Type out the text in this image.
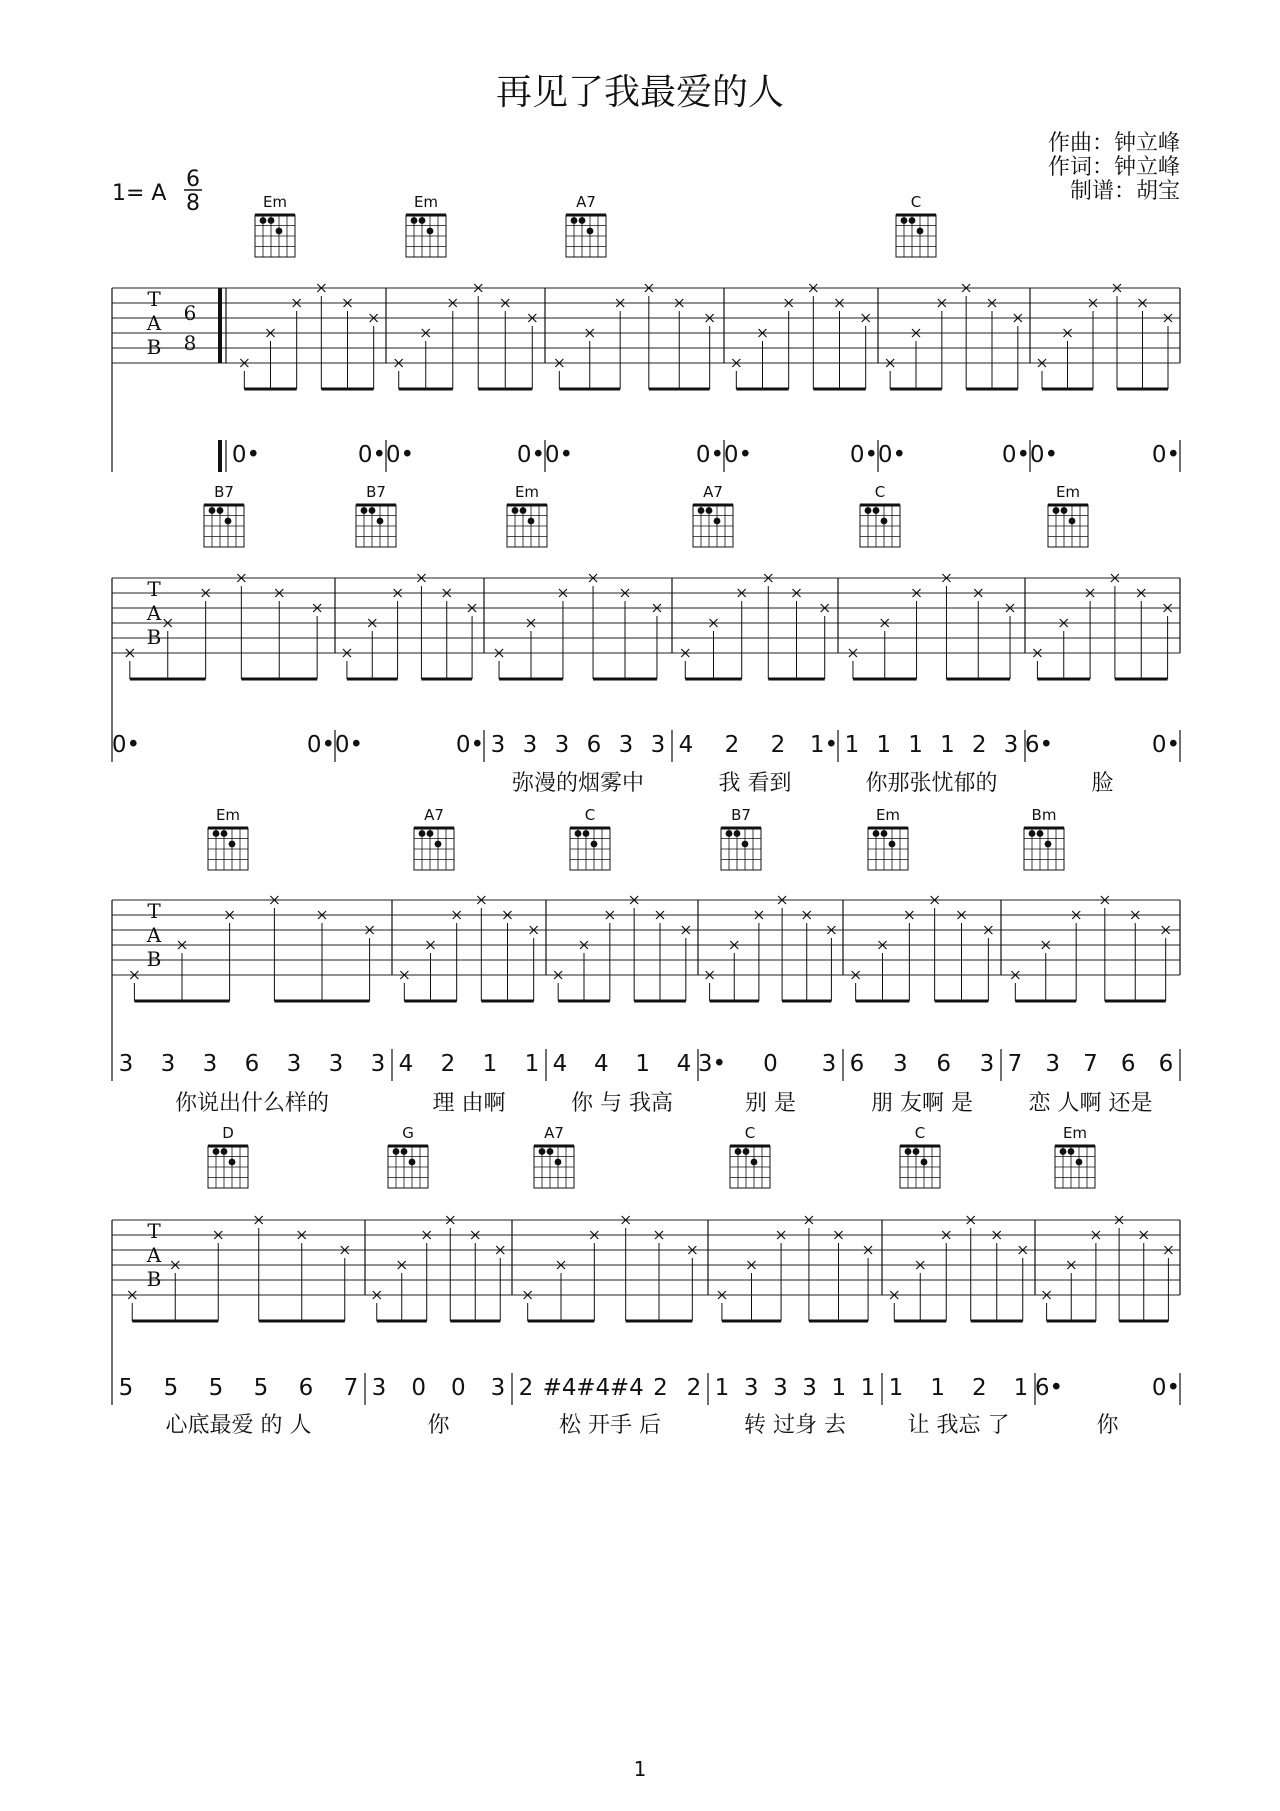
再见了我最爱的人
作曲：钟立峰
作词：钟立峰
制谱：胡宝
1= A
6
8
T
A
B
6
8
Em	Em	A7	C
0•	0• 0•	0• 0•	0• 0•	0• 0•	0• 0•	0•
T
A
B
B7	B7	Em	A7	C	Em
0•	0• 0•	0• 3 3 3 6 3 3
弥漫的烟雾中
4 2 2 1•
我 看到
1 1 1 1 2 3
你那张忧郁的
6•	0•
脸
T
A
B
Em	A7	C	B7	Em	Bm
3 3 3 6 3 3 3
你说出什么样的
4 2 1 1
理 由啊
4 4 1 4
你 与 我高
3• 0 3
别 是
6 3 6 3
朋 友啊 是
7 3 7 6 6
恋 人啊 还是
T
A
B
D	G	A7	C	C	Em
5 5 5 5 6 7
心底最爱 的 人
3 0 0 3
你
2 #4 #4 #4 2 2
松 开手 后
1 3 3 3 1 1
转 过身 去
1 1 2 1
让 我忘 了
6•	0•
你
1
